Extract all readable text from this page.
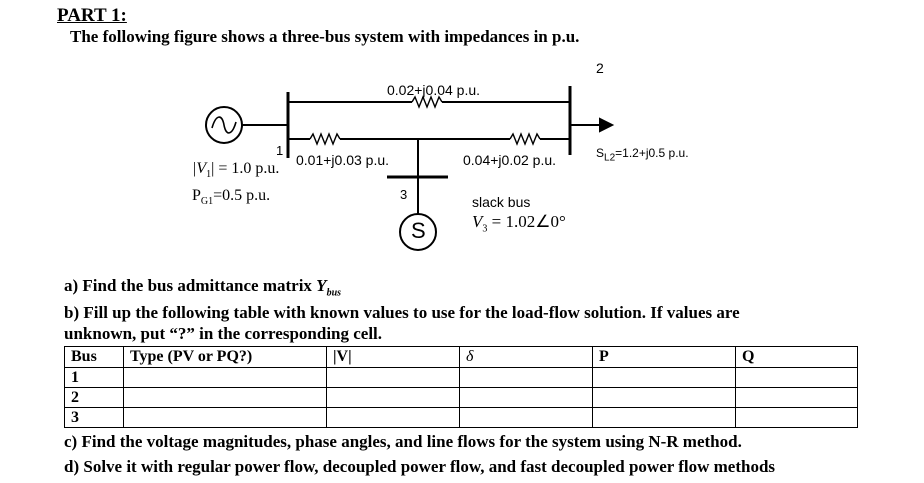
PART 1:
The following figure shows a three-bus system with impedances in p.u.
2
0.02+j0.04 p.u.
1
0.01+j0.03 p.u.	0.04+j0.02 p.u.	$S_{L2}=1.2+j0.5$ p.u.
3
S
$|V_1| = 1.0$ p.u.
$P_{G1}=0.5$ p.u.	slack bus
$V_3$ = 1.02∠0°
a) Find the bus admittance matrix $Y_{bus}$
b) Fill up the following table with known values to use for the load-flow solution. If values are
unknown, put “?” in the corresponding cell.
Bus	Type (PV or PQ?)	|V|	δ	P	Q
1					
2					
3					
c) Find the voltage magnitudes, phase angles, and line flows for the system using N-R method.
d) Solve it with regular power flow, decoupled power flow, and fast decoupled power flow methods
